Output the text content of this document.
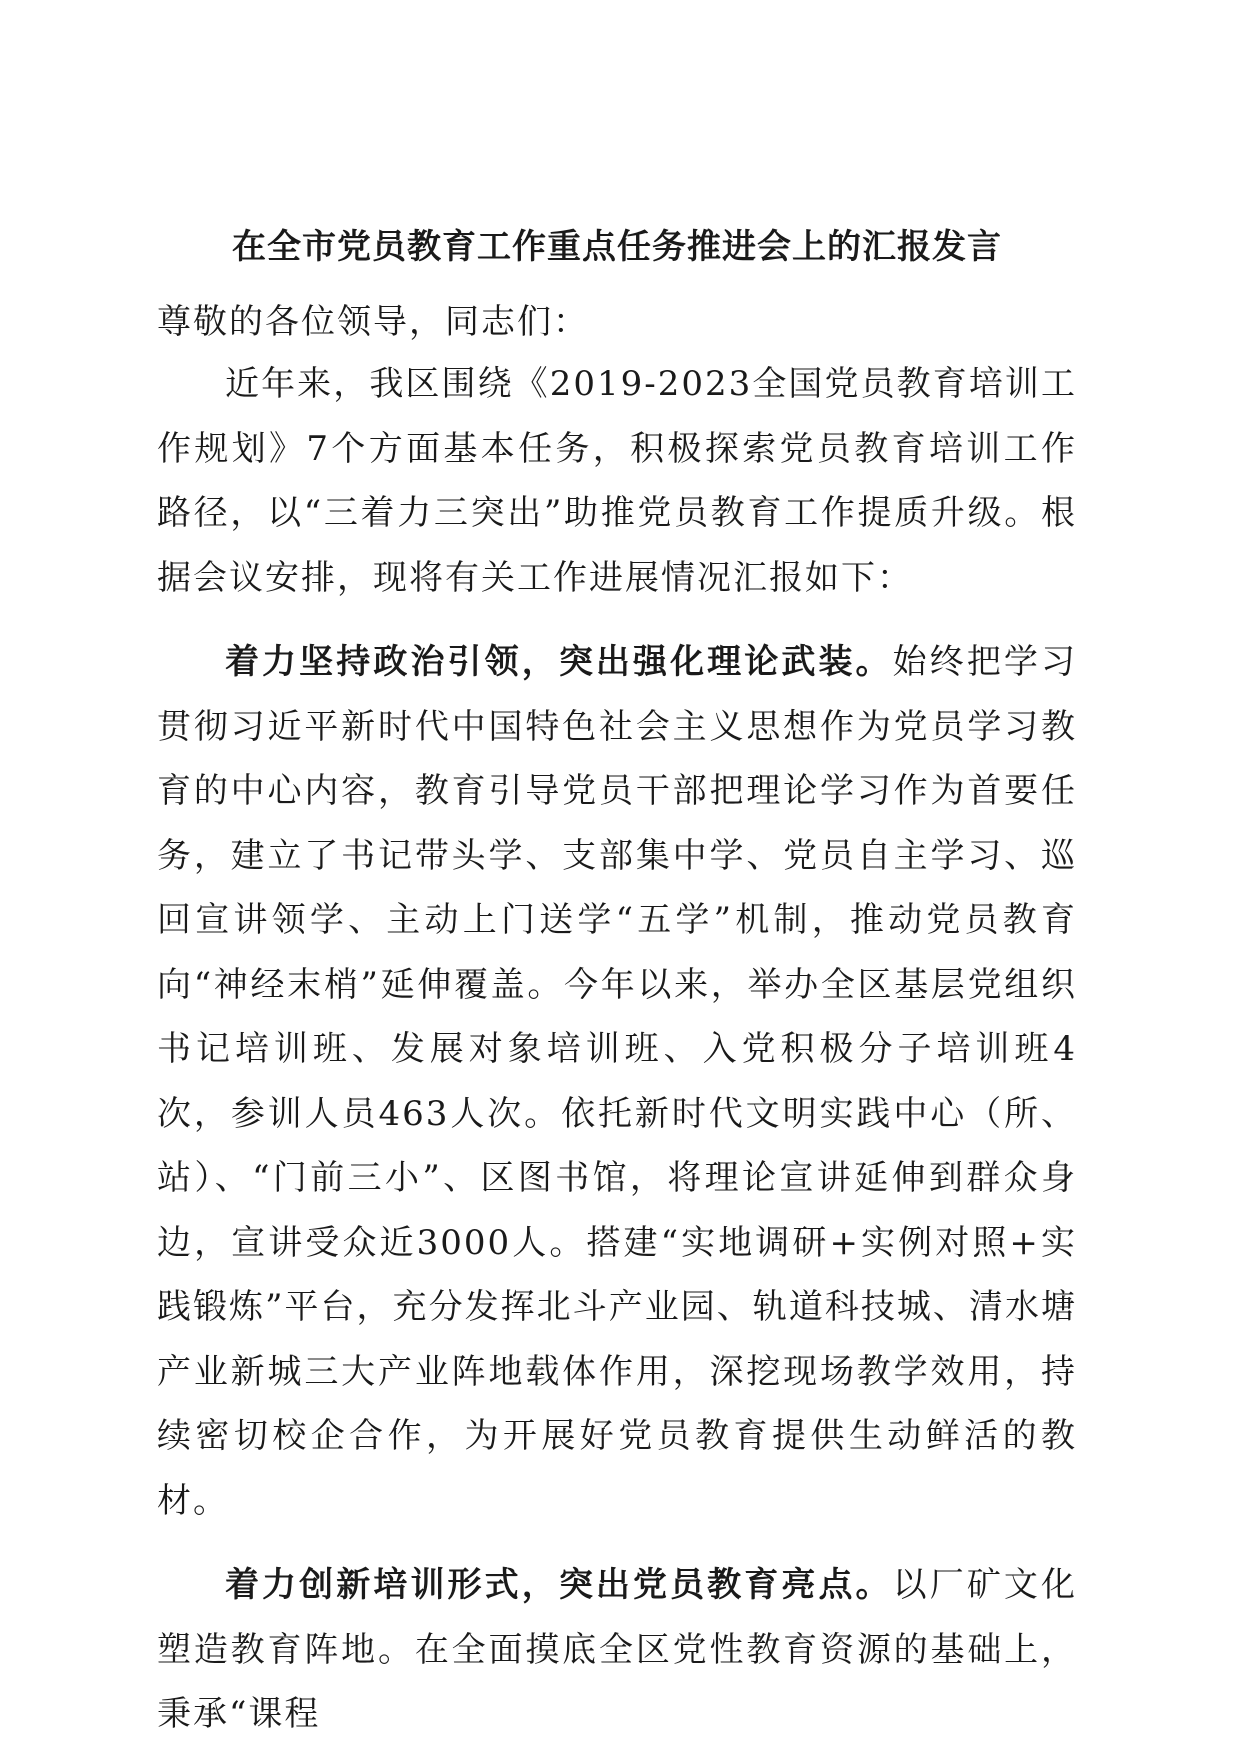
在全市党员教育工作重点任务推进会上的汇报发言

尊敬的各位领导，同志们：

近年来，我区围绕《2019-2023全国党员教育培训工作规划》7个方面基本任务，积极探索党员教育培训工作路径，以“三着力三突出”助推党员教育工作提质升级。根据会议安排，现将有关工作进展情况汇报如下：

着力坚持政治引领，突出强化理论武装。始终把学习贯彻习近平新时代中国特色社会主义思想作为党员学习教育的中心内容，教育引导党员干部把理论学习作为首要任务，建立了书记带头学、支部集中学、党员自主学习、巡回宣讲领学、主动上门送学“五学”机制，推动党员教育向“神经末梢”延伸覆盖。今年以来，举办全区基层党组织书记培训班、发展对象培训班、入党积极分子培训班4次，参训人员463人次。依托新时代文明实践中心（所、站）、“门前三小”、区图书馆，将理论宣讲延伸到群众身边，宣讲受众近3000人。搭建“实地调研+实例对照+实践锻炼”平台，充分发挥北斗产业园、轨道科技城、清水塘产业新城三大产业阵地载体作用，深挖现场教学效用，持续密切校企合作，为开展好党员教育提供生动鲜活的教材。

着力创新培训形式，突出党员教育亮点。以厂矿文化塑造教育阵地。在全面摸底全区党性教育资源的基础上，秉承“课程
